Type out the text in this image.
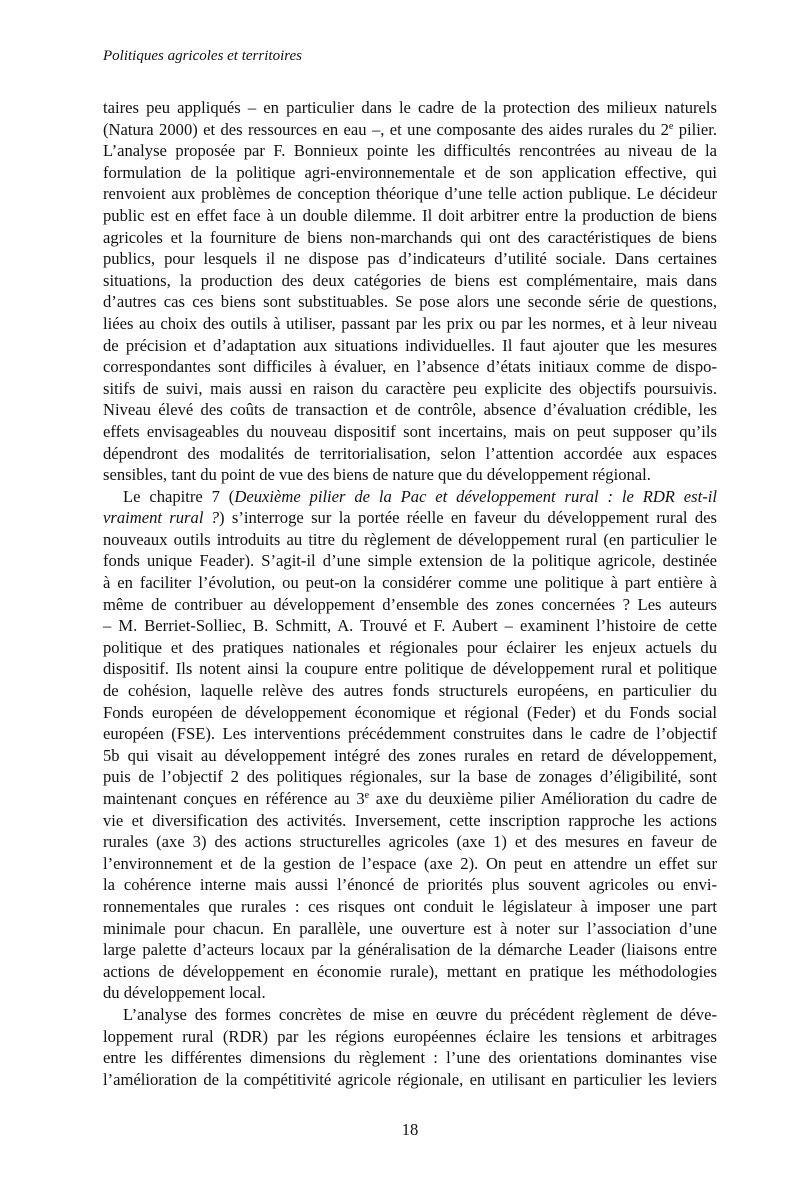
Politiques agricoles et territoires
taires peu appliqués – en particulier dans le cadre de la protection des milieux naturels
(Natura 2000) et des ressources en eau –, et une composante des aides rurales du 2e pilier.
L’analyse proposée par F. Bonnieux pointe les difficultés rencontrées au niveau de la
formulation de la politique agri-environnementale et de son application effective, qui
renvoient aux problèmes de conception théorique d’une telle action publique. Le décideur
public est en effet face à un double dilemme. Il doit arbitrer entre la production de biens
agricoles et la fourniture de biens non-marchands qui ont des caractéristiques de biens
publics, pour lesquels il ne dispose pas d’indicateurs d’utilité sociale. Dans certaines
situations, la production des deux catégories de biens est complémentaire, mais dans
d’autres cas ces biens sont substituables. Se pose alors une seconde série de questions,
liées au choix des outils à utiliser, passant par les prix ou par les normes, et à leur niveau
de précision et d’adaptation aux situations individuelles. Il faut ajouter que les mesures
correspondantes sont difficiles à évaluer, en l’absence d’états initiaux comme de dispo-
sitifs de suivi, mais aussi en raison du caractère peu explicite des objectifs poursuivis.
Niveau élevé des coûts de transaction et de contrôle, absence d’évaluation crédible, les
effets envisageables du nouveau dispositif sont incertains, mais on peut supposer qu’ils
dépendront des modalités de territorialisation, selon l’attention accordée aux espaces
sensibles, tant du point de vue des biens de nature que du développement régional.
Le chapitre 7 (Deuxième pilier de la Pac et développement rural : le RDR est-il
vraiment rural ?) s’interroge sur la portée réelle en faveur du développement rural des
nouveaux outils introduits au titre du règlement de développement rural (en particulier le
fonds unique Feader). S’agit-il d’une simple extension de la politique agricole, destinée
à en faciliter l’évolution, ou peut-on la considérer comme une politique à part entière à
même de contribuer au développement d’ensemble des zones concernées ? Les auteurs
– M. Berriet-Solliec, B. Schmitt, A. Trouvé et F. Aubert – examinent l’histoire de cette
politique et des pratiques nationales et régionales pour éclairer les enjeux actuels du
dispositif. Ils notent ainsi la coupure entre politique de développement rural et politique
de cohésion, laquelle relève des autres fonds structurels européens, en particulier du
Fonds européen de développement économique et régional (Feder) et du Fonds social
européen (FSE). Les interventions précédemment construites dans le cadre de l’objectif
5b qui visait au développement intégré des zones rurales en retard de développement,
puis de l’objectif 2 des politiques régionales, sur la base de zonages d’éligibilité, sont
maintenant conçues en référence au 3e axe du deuxième pilier Amélioration du cadre de
vie et diversification des activités. Inversement, cette inscription rapproche les actions
rurales (axe 3) des actions structurelles agricoles (axe 1) et des mesures en faveur de
l’environnement et de la gestion de l’espace (axe 2). On peut en attendre un effet sur
la cohérence interne mais aussi l’énoncé de priorités plus souvent agricoles ou envi-
ronnementales que rurales : ces risques ont conduit le législateur à imposer une part
minimale pour chacun. En parallèle, une ouverture est à noter sur l’association d’une
large palette d’acteurs locaux par la généralisation de la démarche Leader (liaisons entre
actions de développement en économie rurale), mettant en pratique les méthodologies
du développement local.
L’analyse des formes concrètes de mise en œuvre du précédent règlement de déve-
loppement rural (RDR) par les régions européennes éclaire les tensions et arbitrages
entre les différentes dimensions du règlement : l’une des orientations dominantes vise
l’amélioration de la compétitivité agricole régionale, en utilisant en particulier les leviers
18
